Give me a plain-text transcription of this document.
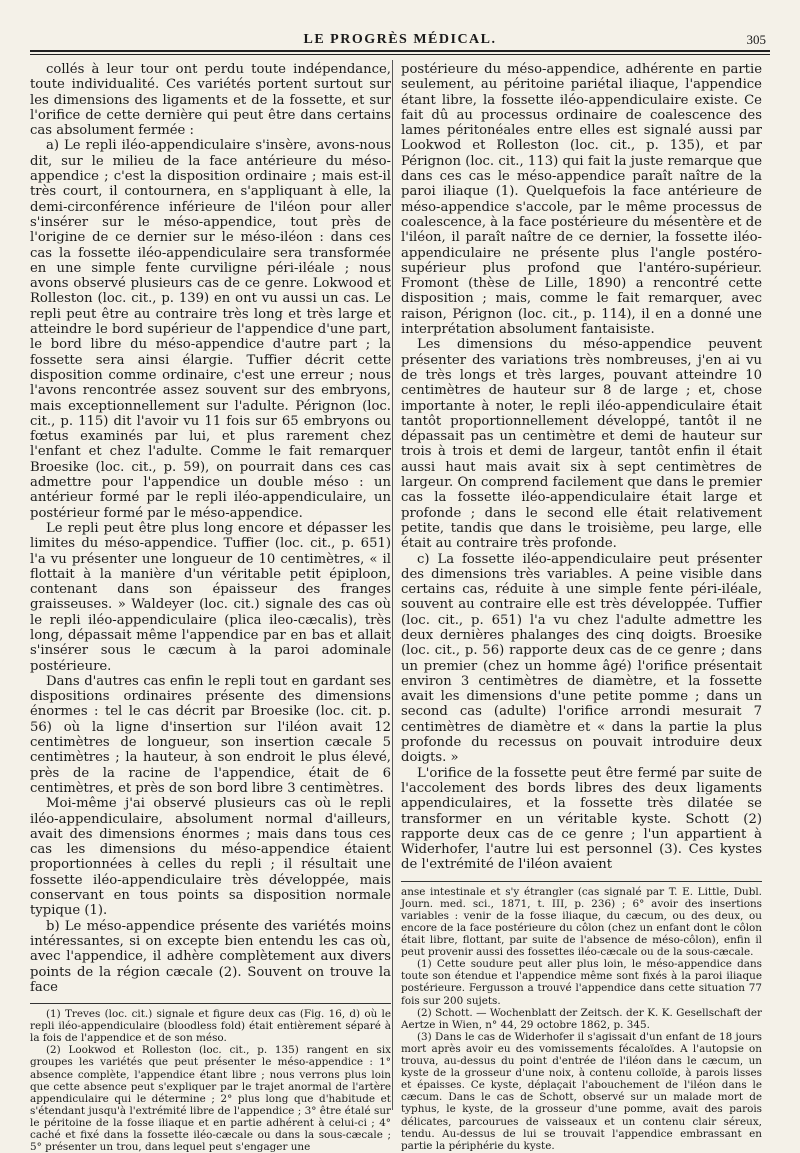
LE PROGRÈS MÉDICAL.	305

collés à leur tour ont perdu toute indépendance, toute individualité. Ces variétés portent surtout sur les dimensions des ligaments et de la fossette, et sur l'orifice de cette dernière qui peut être dans certains cas absolument fermée :

a) Le repli iléo-appendiculaire s'insère, avons-nous dit, sur le milieu de la face antérieure du méso-appendice ; c'est la disposition ordinaire ; mais est-il très court, il contournera, en s'appliquant à elle, la demi-circonférence inférieure de l'iléon pour aller s'insérer sur le méso-appendice, tout près de l'origine de ce dernier sur le méso-iléon : dans ces cas la fossette iléo-appendiculaire sera transformée en une simple fente curviligne péri-iléale ; nous avons observé plusieurs cas de ce genre. Lokwood et Rolleston (loc. cit., p. 139) en ont vu aussi un cas. Le repli peut être au contraire très long et très large et atteindre le bord supérieur de l'appendice d'une part, le bord libre du méso-appendice d'autre part ; la fossette sera ainsi élargie. Tuffier décrit cette disposition comme ordinaire, c'est une erreur ; nous l'avons rencontrée assez souvent sur des embryons, mais exceptionnellement sur l'adulte. Pérignon (loc. cit., p. 115) dit l'avoir vu 11 fois sur 65 embryons ou fœtus examinés par lui, et plus rarement chez l'enfant et chez l'adulte. Comme le fait remarquer Broesike (loc. cit., p. 59), on pourrait dans ces cas admettre pour l'appendice un double méso : un antérieur formé par le repli iléo-appendiculaire, un postérieur formé par le méso-appendice.

Le repli peut être plus long encore et dépasser les limites du méso-appendice. Tuffier (loc. cit., p. 651) l'a vu présenter une longueur de 10 centimètres, « il flottait à la manière d'un véritable petit épiploon, contenant dans son épaisseur des franges graisseuses. » Waldeyer (loc. cit.) signale des cas où le repli iléo-appendiculaire (plica ileo-cæcalis), très long, dépassait même l'appendice par en bas et allait s'insérer sous le cæcum à la paroi adominale postérieure.

Dans d'autres cas enfin le repli tout en gardant ses dispositions ordinaires présente des dimensions énormes : tel le cas décrit par Broesike (loc. cit. p. 56) où la ligne d'insertion sur l'iléon avait 12 centimètres de longueur, son insertion cæcale 5 centimètres ; la hauteur, à son endroit le plus élevé, près de la racine de l'appendice, était de 6 centimètres, et près de son bord libre 3 centimètres.

Moi-même j'ai observé plusieurs cas où le repli iléo-appendiculaire, absolument normal d'ailleurs, avait des dimensions énormes ; mais dans tous ces cas les dimensions du méso-appendice étaient proportionnées à celles du repli ; il résultait une fossette iléo-appendiculaire très développée, mais conservant en tous points sa disposition normale typique (1).

b) Le méso-appendice présente des variétés moins intéressantes, si on excepte bien entendu les cas où, avec l'appendice, il adhère complètement aux divers points de la région cæcale (2). Souvent on trouve la face

(1) Treves (loc. cit.) signale et figure deux cas (Fig. 16, d) où le repli iléo-appendiculaire (bloodless fold) était entièrement séparé à la fois de l'appendice et de son méso.

(2) Lookwod et Rolleston (loc. cit., p. 135) rangent en six groupes les variétés que peut présenter le méso-appendice : 1° absence complète, l'appendice étant libre ; nous verrons plus loin que cette absence peut s'expliquer par le trajet anormal de l'artère appendiculaire qui le détermine ; 2° plus long que d'habitude et s'étendant jusqu'à l'extrémité libre de l'appendice ; 3° être étalé sur le péritoine de la fosse iliaque et en partie adhérent à celui-ci ; 4° caché et fixé dans la fossette iléo-cæcale ou dans la sous-cæcale ; 5° présenter un trou, dans lequel peut s'engager une

postérieure du méso-appendice, adhérente en partie seulement, au péritoine pariétal iliaque, l'appendice étant libre, la fossette iléo-appendiculaire existe. Ce fait dû au processus ordinaire de coalescence des lames péritonéales entre elles est signalé aussi par Lookwod et Rolleston (loc. cit., p. 135), et par Pérignon (loc. cit., 113) qui fait la juste remarque que dans ces cas le méso-appendice paraît naître de la paroi iliaque (1). Quelquefois la face antérieure de méso-appendice s'accole, par le même processus de coalescence, à la face postérieure du mésentère et de l'iléon, il paraît naître de ce dernier, la fossette iléo-appendiculaire ne présente plus l'angle postéro-supérieur plus profond que l'antéro-supérieur. Fromont (thèse de Lille, 1890) a rencontré cette disposition ; mais, comme le fait remarquer, avec raison, Pérignon (loc. cit., p. 114), il en a donné une interprétation absolument fantaisiste.

Les dimensions du méso-appendice peuvent présenter des variations très nombreuses, j'en ai vu de très longs et très larges, pouvant atteindre 10 centimètres de hauteur sur 8 de large ; et, chose importante à noter, le repli iléo-appendiculaire était tantôt proportionnellement développé, tantôt il ne dépassait pas un centimètre et demi de hauteur sur trois à trois et demi de largeur, tantôt enfin il était aussi haut mais avait six à sept centimètres de largeur. On comprend facilement que dans le premier cas la fossette iléo-appendiculaire était large et profonde ; dans le second elle était relativement petite, tandis que dans le troisième, peu large, elle était au contraire très profonde.

c) La fossette iléo-appendiculaire peut présenter des dimensions très variables. A peine visible dans certains cas, réduite à une simple fente péri-iléale, souvent au contraire elle est très développée. Tuffier (loc. cit., p. 651) l'a vu chez l'adulte admettre les deux dernières phalanges des cinq doigts. Broesike (loc. cit., p. 56) rapporte deux cas de ce genre ; dans un premier (chez un homme âgé) l'orifice présentait environ 3 centimètres de diamètre, et la fossette avait les dimensions d'une petite pomme ; dans un second cas (adulte) l'orifice arrondi mesurait 7 centimètres de diamètre et « dans la partie la plus profonde du recessus on pouvait introduire deux doigts. »

L'orifice de la fossette peut être fermé par suite de l'accolement des bords libres des deux ligaments appendiculaires, et la fossette très dilatée se transformer en un véritable kyste. Schott (2) rapporte deux cas de ce genre ; l'un appartient à Widerhofer, l'autre lui est personnel (3). Ces kystes de l'extrémité de l'iléon avaient

anse intestinale et s'y étrangler (cas signalé par T. E. Little, Dubl. Journ. med. sci., 1871, t. III, p. 236) ; 6° avoir des insertions variables : venir de la fosse iliaque, du cæcum, ou des deux, ou encore de la face postérieure du côlon (chez un enfant dont le côlon était libre, flottant, par suite de l'absence de méso-côlon), enfin il peut provenir aussi des fossettes iléo-cæcale ou de la sous-cæcale.

(1) Cette soudure peut aller plus loin, le méso-appendice dans toute son étendue et l'appendice même sont fixés à la paroi iliaque postérieure. Fergusson a trouvé l'appendice dans cette situation 77 fois sur 200 sujets.

(2) Schott. — Wochenblatt der Zeitsch. der K. K. Gesellschaft der Aertze in Wien, n° 44, 29 octobre 1862, p. 345.

(3) Dans le cas de Widerhofer il s'agissait d'un enfant de 18 jours mort après avoir eu des vomissements fécaloïdes. A l'autopsie on trouva, au-dessus du point d'entrée de l'iléon dans le cæcum, un kyste de la grosseur d'une noix, à contenu colloïde, à parois lisses et épaisses. Ce kyste, déplaçait l'abouchement de l'iléon dans le cæcum. Dans le cas de Schott, observé sur un malade mort de typhus, le kyste, de la grosseur d'une pomme, avait des parois délicates, parcourues de vaisseaux et un contenu clair séreux, tendu. Au-dessus de lui se trouvait l'appendice embrassant en partie la périphérie du kyste.
